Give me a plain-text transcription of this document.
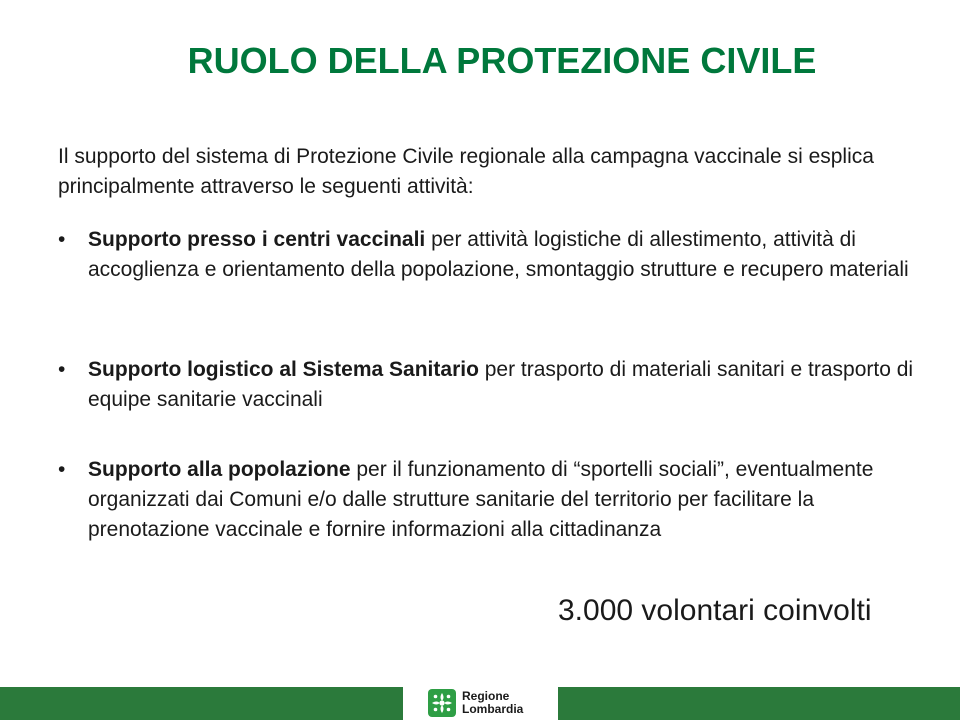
RUOLO DELLA PROTEZIONE CIVILE

Il supporto del sistema di Protezione Civile regionale alla campagna vaccinale si esplica principalmente attraverso le seguenti attività:

•	Supporto presso i centri vaccinali per attività logistiche di allestimento, attività di accoglienza e orientamento della popolazione, smontaggio strutture e recupero materiali
•	Supporto logistico al Sistema Sanitario per trasporto di materiali sanitari e trasporto di equipe sanitarie vaccinali
•	Supporto alla popolazione per il funzionamento di “sportelli sociali”, eventualmente organizzati dai Comuni e/o dalle strutture sanitarie del territorio per facilitare la prenotazione vaccinale e fornire informazioni alla cittadinanza

3.000 volontari coinvolti

Regione
Lombardia
